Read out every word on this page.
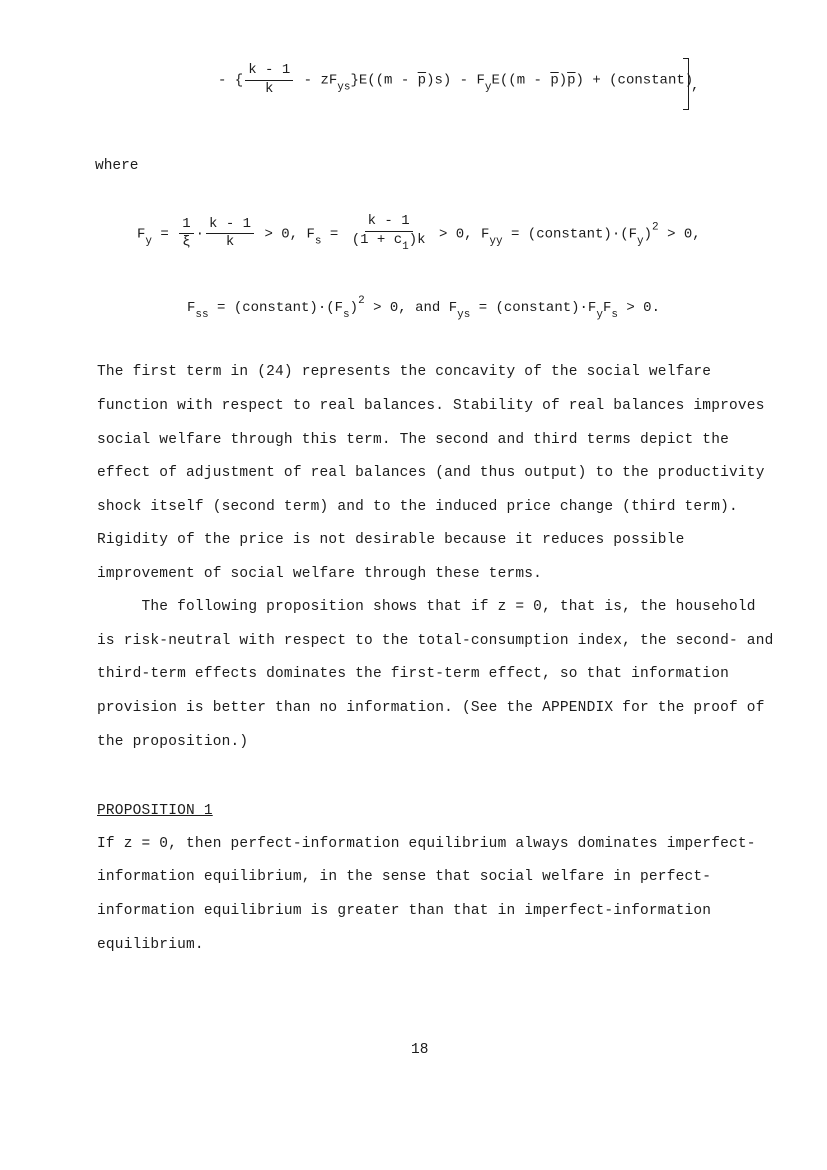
- { $\frac{k - 1}{k} - zF_{ys}\}E((m - \overline{p})s) - F_yE((m - \overline{p})\overline{p})$ + (constant)
,
where
$F_y = \frac{1}{\xi} \cdot \frac{k - 1}{k} > 0$, $F_s = \frac{k - 1}{(1 + c_1)k} > 0$, $F_{yy}$ = $(constant)\cdot(F_y)^2 > 0$,
$F_{ss}$ = $(constant)\cdot(F_s)^2 > 0$, and $F_{ys}$ = $(constant)\cdot F_yF_s > 0$.
The first term in (24) represents the concavity of the social welfare
function with respect to real balances. Stability of real balances improves
social welfare through this term. The second and third terms depict the
effect of adjustment of real balances (and thus output) to the productivity
shock itself (second term) and to the induced price change (third term).
Rigidity of the price is not desirable because it reduces possible
improvement of social welfare through these terms.
The following proposition shows that if z = 0, that is, the household
is risk-neutral with respect to the total-consumption index, the second- and
third-term effects dominates the first-term effect, so that information
provision is better than no information. (See the APPENDIX for the proof of
the proposition.)
PROPOSITION 1
If z = 0, then perfect-information equilibrium always dominates imperfect-
information equilibrium, in the sense that social welfare in perfect-
information equilibrium is greater than that in imperfect-information
equilibrium.
18
